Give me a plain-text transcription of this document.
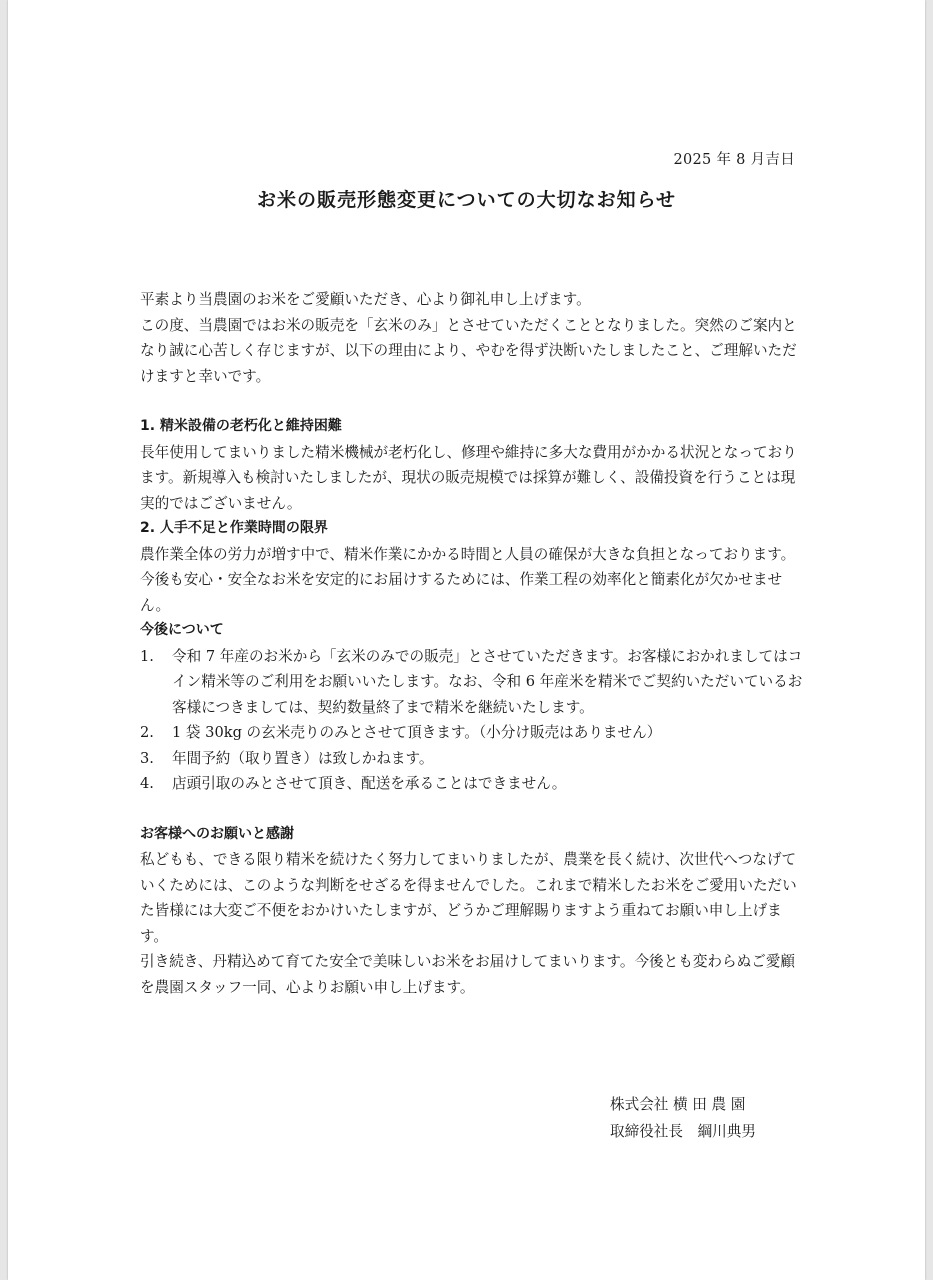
2025 年 8 月吉日
お米の販売形態変更についての大切なお知らせ

平素より当農園のお米をご愛顧いただき、心より御礼申し上げます。

この度、当農園ではお米の販売を「玄米のみ」とさせていただくこととなりました。突然のご案内となり誠に心苦しく存じますが、以下の理由により、やむを得ず決断いたしましたこと、ご理解いただけますと幸いです。

1. 精米設備の老朽化と維持困難

長年使用してまいりました精米機械が老朽化し、修理や維持に多大な費用がかかる状況となっております。新規導入も検討いたしましたが、現状の販売規模では採算が難しく、設備投資を行うことは現実的ではございません。

2. 人手不足と作業時間の限界

農作業全体の労力が増す中で、精米作業にかかる時間と人員の確保が大きな負担となっております。今後も安心・安全なお米を安定的にお届けするためには、作業工程の効率化と簡素化が欠かせません。

今後について

1.	令和 7 年産のお米から「玄米のみでの販売」とさせていただきます。お客様におかれましてはコイン精米等のご利用をお願いいたします。なお、令和 6 年産米を精米でご契約いただいているお客様につきましては、契約数量終了まで精米を継続いたします。
2.	1 袋 30kg の玄米売りのみとさせて頂きます。（小分け販売はありません）
3.	年間予約（取り置き）は致しかねます。
4.	店頭引取のみとさせて頂き、配送を承ることはできません。

お客様へのお願いと感謝

私どもも、できる限り精米を続けたく努力してまいりましたが、農業を長く続け、次世代へつなげていくためには、このような判断をせざるを得ませんでした。これまで精米したお米をご愛用いただいた皆様には大変ご不便をおかけいたしますが、どうかご理解賜りますよう重ねてお願い申し上げます。

引き続き、丹精込めて育てた安全で美味しいお米をお届けしてまいります。今後とも変わらぬご愛顧を農園スタッフ一同、心よりお願い申し上げます。

株式会社 横 田 農 園
取締役社長　綱川典男
